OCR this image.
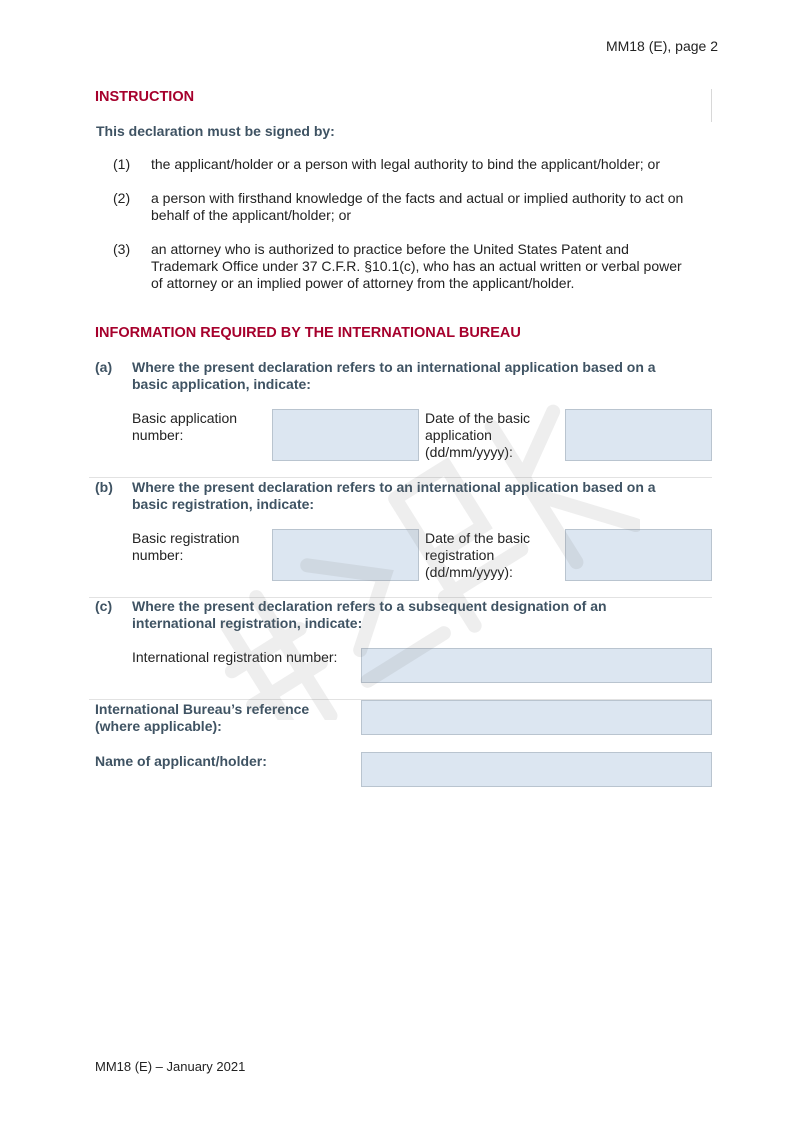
MM18 (E), page 2
INSTRUCTION
This declaration must be signed by:
(1) the applicant/holder or a person with legal authority to bind the applicant/holder; or
(2) a person with firsthand knowledge of the facts and actual or implied authority to act on behalf of the applicant/holder; or
(3) an attorney who is authorized to practice before the United States Patent and Trademark Office under 37 C.F.R. §10.1(c), who has an actual written or verbal power of attorney or an implied power of attorney from the applicant/holder.
INFORMATION REQUIRED BY THE INTERNATIONAL BUREAU
(a) Where the present declaration refers to an international application based on a basic application, indicate:
Basic application number:
Date of the basic application (dd/mm/yyyy):
(b) Where the present declaration refers to an international application based on a basic registration, indicate:
Basic registration number:
Date of the basic registration (dd/mm/yyyy):
(c) Where the present declaration refers to a subsequent designation of an international registration, indicate:
International registration number:
International Bureau’s reference (where applicable):
Name of applicant/holder:
MM18 (E) – January 2021
